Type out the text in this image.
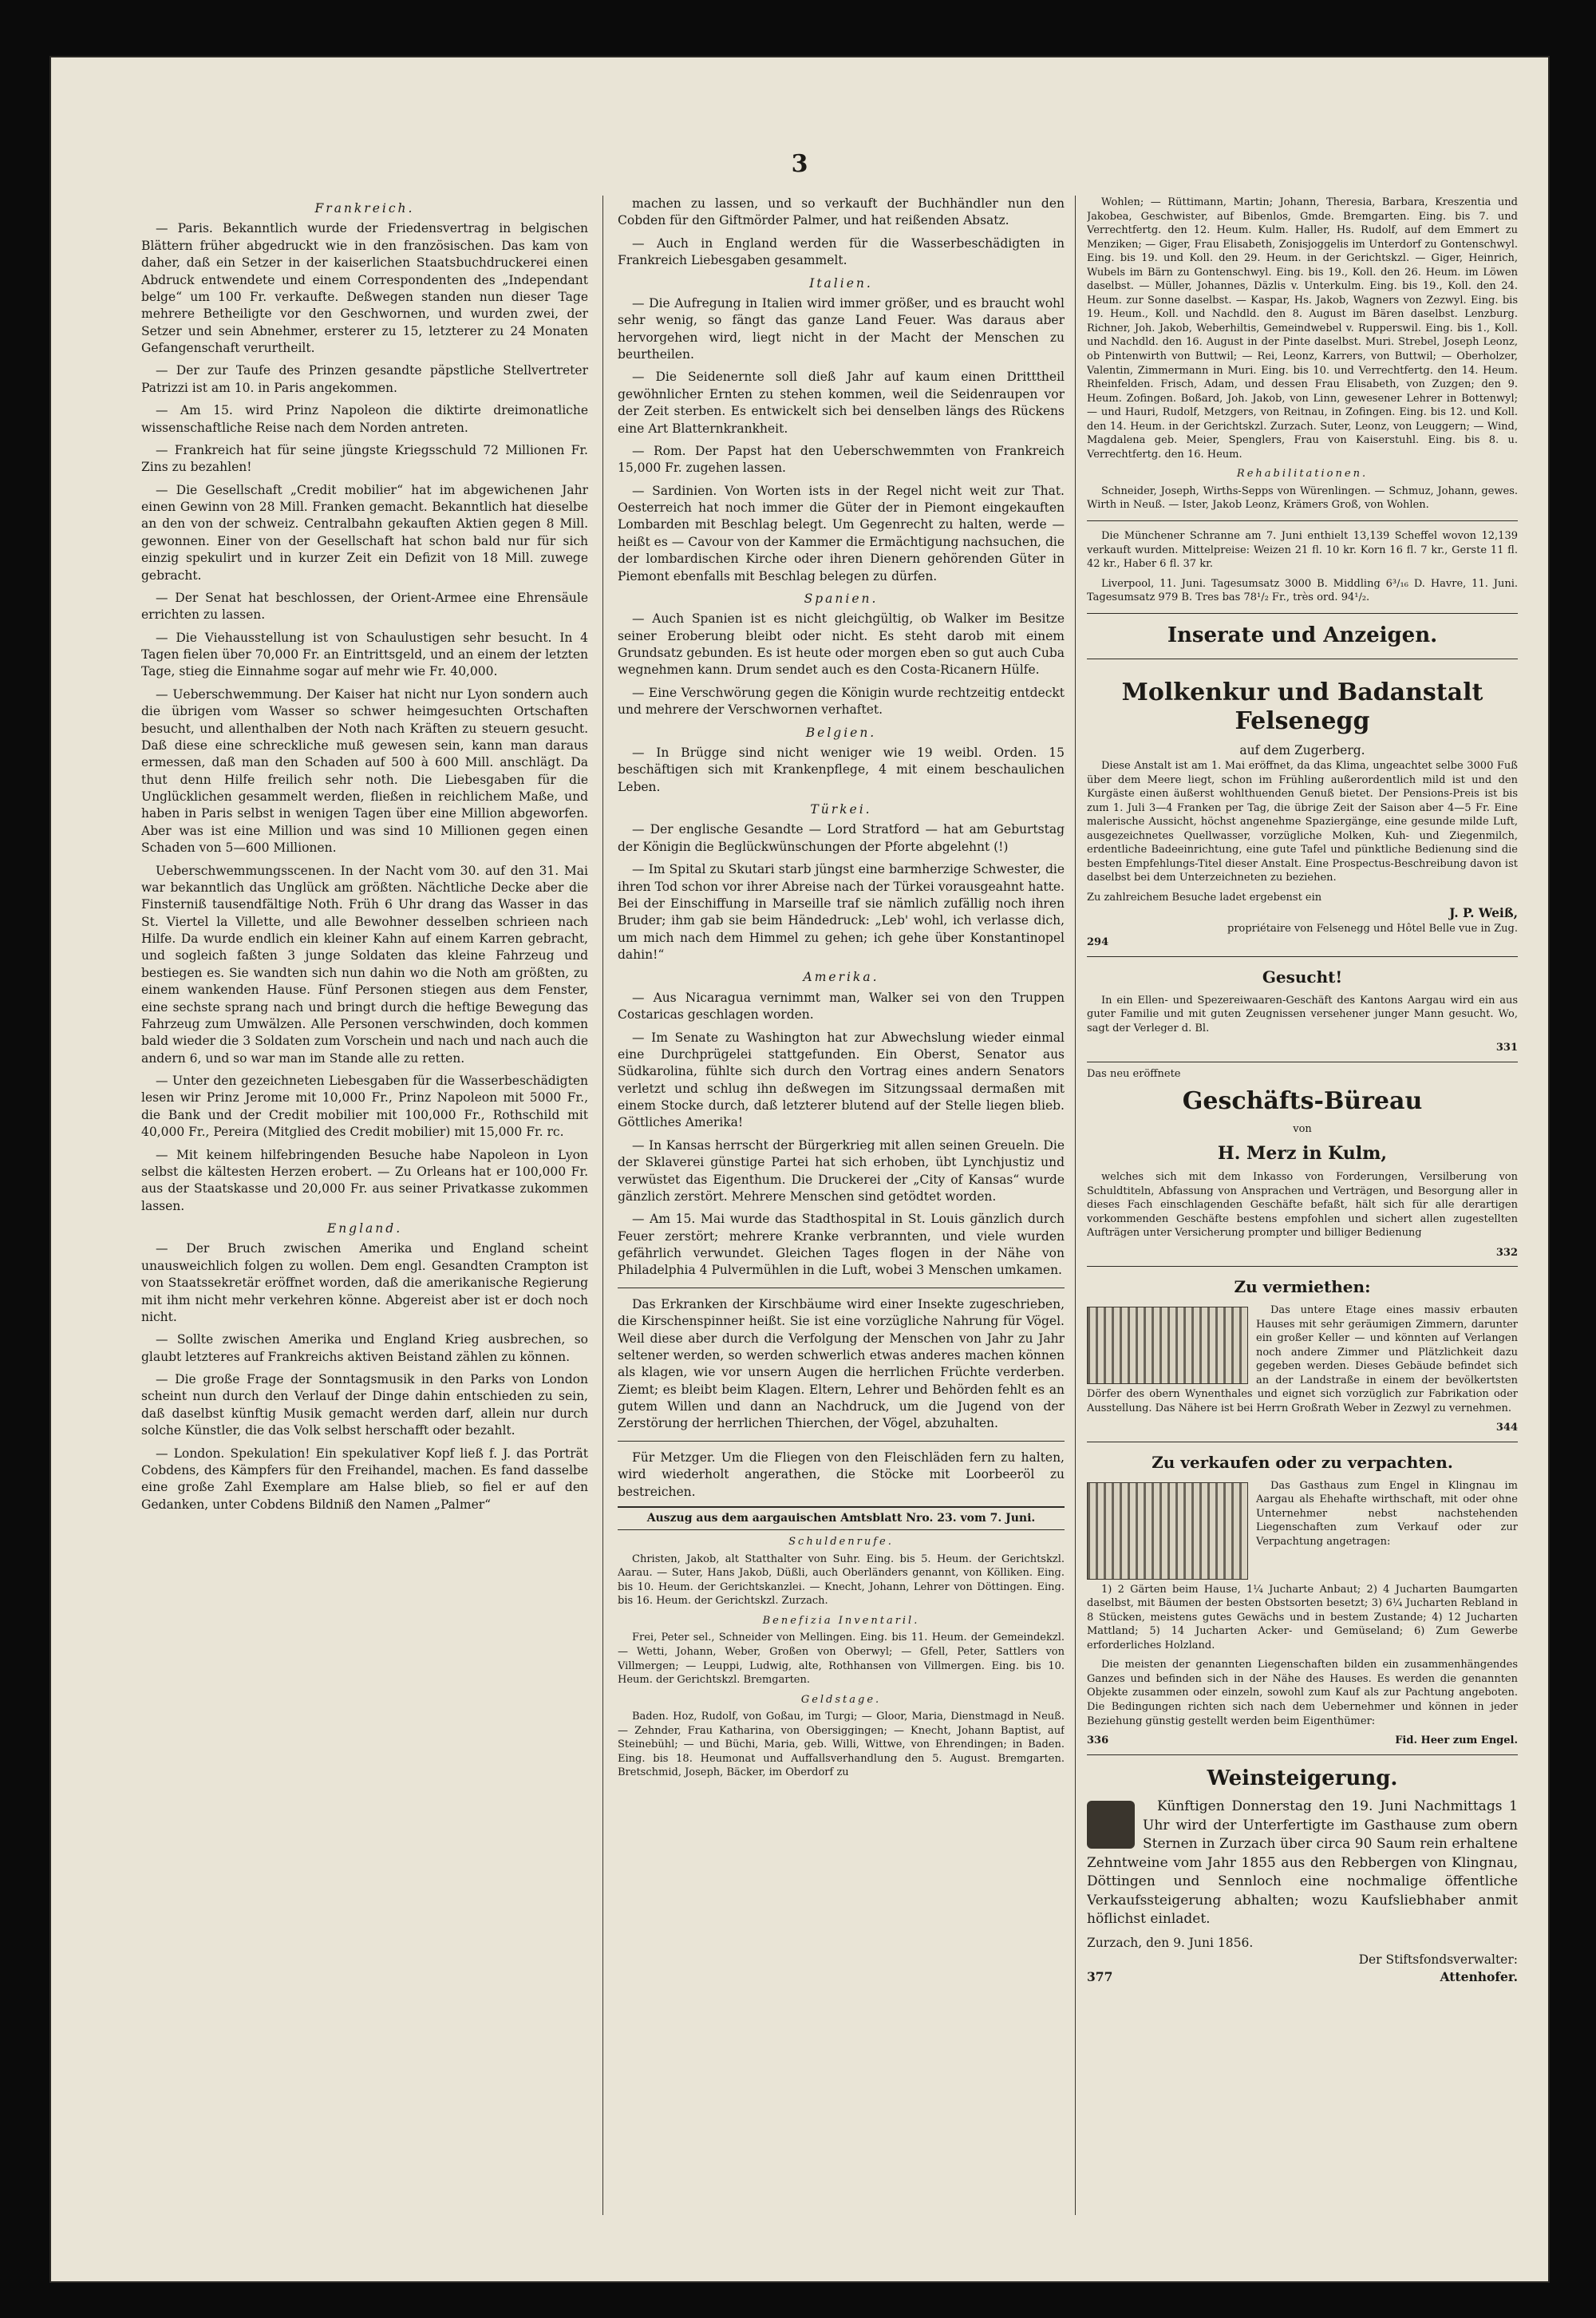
3
Frankreich.

— Paris. Bekanntlich wurde der Friedensvertrag in belgischen Blättern früher abgedruckt wie in den französischen. Das kam von daher, daß ein Setzer in der kaiserlichen Staatsbuchdruckerei einen Abdruck entwendete und einem Correspondenten des „Independant belge“ um 100 Fr. verkaufte. Deßwegen standen nun dieser Tage mehrere Betheiligte vor den Geschwornen, und wurden zwei, der Setzer und sein Abnehmer, ersterer zu 15, letzterer zu 24 Monaten Gefangenschaft verurtheilt.

— Der zur Taufe des Prinzen gesandte päpstliche Stellvertreter Patrizzi ist am 10. in Paris angekommen.

— Am 15. wird Prinz Napoleon die diktirte dreimonatliche wissenschaftliche Reise nach dem Norden antreten.

— Frankreich hat für seine jüngste Kriegsschuld 72 Millionen Fr. Zins zu bezahlen!

— Die Gesellschaft „Credit mobilier“ hat im abgewichenen Jahr einen Gewinn von 28 Mill. Franken gemacht. Bekanntlich hat dieselbe an den von der schweiz. Centralbahn gekauften Aktien gegen 8 Mill. gewonnen. Einer von der Gesellschaft hat schon bald nur für sich einzig spekulirt und in kurzer Zeit ein Defizit von 18 Mill. zuwege gebracht.

— Der Senat hat beschlossen, der Orient-Armee eine Ehrensäule errichten zu lassen.

— Die Viehausstellung ist von Schaulustigen sehr besucht. In 4 Tagen fielen über 70,000 Fr. an Eintrittsgeld, und an einem der letzten Tage, stieg die Einnahme sogar auf mehr wie Fr. 40,000.

— Ueberschwemmung. Der Kaiser hat nicht nur Lyon sondern auch die übrigen vom Wasser so schwer heimgesuchten Ortschaften besucht, und allenthalben der Noth nach Kräften zu steuern gesucht. Daß diese eine schreckliche muß gewesen sein, kann man daraus ermessen, daß man den Schaden auf 500 à 600 Mill. anschlägt. Da thut denn Hilfe freilich sehr noth. Die Liebesgaben für die Unglücklichen gesammelt werden, fließen in reichlichem Maße, und haben in Paris selbst in wenigen Tagen über eine Million abgeworfen. Aber was ist eine Million und was sind 10 Millionen gegen einen Schaden von 5—600 Millionen.

Ueberschwemmungsscenen. In der Nacht vom 30. auf den 31. Mai war bekanntlich das Unglück am größten. Nächtliche Decke aber die Finsterniß tausendfältige Noth. Früh 6 Uhr drang das Wasser in das St. Viertel la Villette, und alle Bewohner desselben schrieen nach Hilfe. Da wurde endlich ein kleiner Kahn auf einem Karren gebracht, und sogleich faßten 3 junge Soldaten das kleine Fahrzeug und bestiegen es. Sie wandten sich nun dahin wo die Noth am größten, zu einem wankenden Hause. Fünf Personen stiegen aus dem Fenster, eine sechste sprang nach und bringt durch die heftige Bewegung das Fahrzeug zum Umwälzen. Alle Personen verschwinden, doch kommen bald wieder die 3 Soldaten zum Vorschein und nach und nach auch die andern 6, und so war man im Stande alle zu retten.

— Unter den gezeichneten Liebesgaben für die Wasserbeschädigten lesen wir Prinz Jerome mit 10,000 Fr., Prinz Napoleon mit 5000 Fr., die Bank und der Credit mobilier mit 100,000 Fr., Rothschild mit 40,000 Fr., Pereira (Mitglied des Credit mobilier) mit 15,000 Fr. rc.

— Mit keinem hilfebringenden Besuche habe Napoleon in Lyon selbst die kältesten Herzen erobert. — Zu Orleans hat er 100,000 Fr. aus der Staatskasse und 20,000 Fr. aus seiner Privatkasse zukommen lassen.

England.

— Der Bruch zwischen Amerika und England scheint unausweichlich folgen zu wollen. Dem engl. Gesandten Crampton ist von Staatssekretär eröffnet worden, daß die amerikanische Regierung mit ihm nicht mehr verkehren könne. Abgereist aber ist er doch noch nicht.

— Sollte zwischen Amerika und England Krieg ausbrechen, so glaubt letzteres auf Frankreichs aktiven Beistand zählen zu können.

— Die große Frage der Sonntagsmusik in den Parks von London scheint nun durch den Verlauf der Dinge dahin entschieden zu sein, daß daselbst künftig Musik gemacht werden darf, allein nur durch solche Künstler, die das Volk selbst herschafft oder bezahlt.

— London. Spekulation! Ein spekulativer Kopf ließ f. J. das Porträt Cobdens, des Kämpfers für den Freihandel, machen. Es fand dasselbe eine große Zahl Exemplare am Halse blieb, so fiel er auf den Gedanken, unter Cobdens Bildniß den Namen „Palmer“

machen zu lassen, und so verkauft der Buchhändler nun den Cobden für den Giftmörder Palmer, und hat reißenden Absatz.

— Auch in England werden für die Wasserbeschädigten in Frankreich Liebesgaben gesammelt.

Italien.

— Die Aufregung in Italien wird immer größer, und es braucht wohl sehr wenig, so fängt das ganze Land Feuer. Was daraus aber hervorgehen wird, liegt nicht in der Macht der Menschen zu beurtheilen.

— Die Seidenernte soll dieß Jahr auf kaum einen Dritttheil gewöhnlicher Ernten zu stehen kommen, weil die Seidenraupen vor der Zeit sterben. Es entwickelt sich bei denselben längs des Rückens eine Art Blatternkrankheit.

— Rom. Der Papst hat den Ueberschwemmten von Frankreich 15,000 Fr. zugehen lassen.

— Sardinien. Von Worten ists in der Regel nicht weit zur That. Oesterreich hat noch immer die Güter der in Piemont eingekauften Lombarden mit Beschlag belegt. Um Gegenrecht zu halten, werde — heißt es — Cavour von der Kammer die Ermächtigung nachsuchen, die der lombardischen Kirche oder ihren Dienern gehörenden Güter in Piemont ebenfalls mit Beschlag belegen zu dürfen.

Spanien.

— Auch Spanien ist es nicht gleichgültig, ob Walker im Besitze seiner Eroberung bleibt oder nicht. Es steht darob mit einem Grundsatz gebunden. Es ist heute oder morgen eben so gut auch Cuba wegnehmen kann. Drum sendet auch es den Costa-Ricanern Hülfe.

— Eine Verschwörung gegen die Königin wurde rechtzeitig entdeckt und mehrere der Verschwornen verhaftet.

Belgien.

— In Brügge sind nicht weniger wie 19 weibl. Orden. 15 beschäftigen sich mit Krankenpflege, 4 mit einem beschaulichen Leben.

Türkei.

— Der englische Gesandte — Lord Stratford — hat am Geburtstag der Königin die Beglückwünschungen der Pforte abgelehnt (!)

— Im Spital zu Skutari starb jüngst eine barmherzige Schwester, die ihren Tod schon vor ihrer Abreise nach der Türkei vorausgeahnt hatte. Bei der Einschiffung in Marseille traf sie nämlich zufällig noch ihren Bruder; ihm gab sie beim Händedruck: „Leb' wohl, ich verlasse dich, um mich nach dem Himmel zu gehen; ich gehe über Konstantinopel dahin!“

Amerika.

— Aus Nicaragua vernimmt man, Walker sei von den Truppen Costaricas geschlagen worden.

— Im Senate zu Washington hat zur Abwechslung wieder einmal eine Durchprügelei stattgefunden. Ein Oberst, Senator aus Südkarolina, fühlte sich durch den Vortrag eines andern Senators verletzt und schlug ihn deßwegen im Sitzungssaal dermaßen mit einem Stocke durch, daß letzterer blutend auf der Stelle liegen blieb. Göttliches Amerika!

— In Kansas herrscht der Bürgerkrieg mit allen seinen Greueln. Die der Sklaverei günstige Partei hat sich erhoben, übt Lynchjustiz und verwüstet das Eigenthum. Die Druckerei der „City of Kansas“ wurde gänzlich zerstört. Mehrere Menschen sind getödtet worden.

— Am 15. Mai wurde das Stadthospital in St. Louis gänzlich durch Feuer zerstört; mehrere Kranke verbrannten, und viele wurden gefährlich verwundet. Gleichen Tages flogen in der Nähe von Philadelphia 4 Pulvermühlen in die Luft, wobei 3 Menschen umkamen.

Das Erkranken der Kirschbäume wird einer Insekte zugeschrieben, die Kirschenspinner heißt. Sie ist eine vorzügliche Nahrung für Vögel. Weil diese aber durch die Verfolgung der Menschen von Jahr zu Jahr seltener werden, so werden schwerlich etwas anderes machen können als klagen, wie vor unsern Augen die herrlichen Früchte verderben. Ziemt; es bleibt beim Klagen. Eltern, Lehrer und Behörden fehlt es an gutem Willen und dann an Nachdruck, um die Jugend von der Zerstörung der herrlichen Thierchen, der Vögel, abzuhalten.

Für Metzger. Um die Fliegen von den Fleischläden fern zu halten, wird wiederholt angerathen, die Stöcke mit Loorbeeröl zu bestreichen.

Auszug aus dem aargauischen Amtsblatt Nro. 23. vom 7. Juni.
Schuldenrufe.

Christen, Jakob, alt Statthalter von Suhr. Eing. bis 5. Heum. der Gerichtskzl. Aarau. — Suter, Hans Jakob, Düßli, auch Oberländers genannt, von Kölliken. Eing. bis 10. Heum. der Gerichtskanzlei. — Knecht, Johann, Lehrer von Döttingen. Eing. bis 16. Heum. der Gerichtskzl. Zurzach.

Benefizia Inventaril.

Frei, Peter sel., Schneider von Mellingen. Eing. bis 11. Heum. der Gemeindekzl. — Wetti, Johann, Weber, Großen von Oberwyl; — Gfell, Peter, Sattlers von Villmergen; — Leuppi, Ludwig, alte, Rothhansen von Villmergen. Eing. bis 10. Heum. der Gerichtskzl. Bremgarten.

Geldstage.

Baden. Hoz, Rudolf, von Goßau, im Turgi; — Gloor, Maria, Dienstmagd in Neuß. — Zehnder, Frau Katharina, von Obersiggingen; — Knecht, Johann Baptist, auf Steinebühl; — und Büchi, Maria, geb. Willi, Wittwe, von Ehrendingen; in Baden. Eing. bis 18. Heumonat und Auffallsverhandlung den 5. August. Bremgarten. Bretschmid, Joseph, Bäcker, im Oberdorf zu

Wohlen; — Rüttimann, Martin; Johann, Theresia, Barbara, Kreszentia und Jakobea, Geschwister, auf Bibenlos, Gmde. Bremgarten. Eing. bis 7. und Verrechtfertg. den 12. Heum. Kulm. Haller, Hs. Rudolf, auf dem Emmert zu Menziken; — Giger, Frau Elisabeth, Zonisjoggelis im Unterdorf zu Gontenschwyl. Eing. bis 19. und Koll. den 29. Heum. in der Gerichtskzl. — Giger, Heinrich, Wubels im Bärn zu Gontenschwyl. Eing. bis 19., Koll. den 26. Heum. im Löwen daselbst. — Müller, Johannes, Däzlis v. Unterkulm. Eing. bis 19., Koll. den 24. Heum. zur Sonne daselbst. — Kaspar, Hs. Jakob, Wagners von Zezwyl. Eing. bis 19. Heum., Koll. und Nachdld. den 8. August im Bären daselbst. Lenzburg. Richner, Joh. Jakob, Weberhiltis, Gemeindwebel v. Rupperswil. Eing. bis 1., Koll. und Nachdld. den 16. August in der Pinte daselbst. Muri. Strebel, Joseph Leonz, ob Pintenwirth von Buttwil; — Rei, Leonz, Karrers, von Buttwil; — Oberholzer, Valentin, Zimmermann in Muri. Eing. bis 10. und Verrechtfertg. den 14. Heum. Rheinfelden. Frisch, Adam, und dessen Frau Elisabeth, von Zuzgen; den 9. Heum. Zofingen. Boßard, Joh. Jakob, von Linn, gewesener Lehrer in Bottenwyl; — und Hauri, Rudolf, Metzgers, von Reitnau, in Zofingen. Eing. bis 12. und Koll. den 14. Heum. in der Gerichtskzl. Zurzach. Suter, Leonz, von Leuggern; — Wind, Magdalena geb. Meier, Spenglers, Frau von Kaiserstuhl. Eing. bis 8. u. Verrechtfertg. den 16. Heum.

Rehabilitationen.

Schneider, Joseph, Wirths-Sepps von Würenlingen. — Schmuz, Johann, gewes. Wirth in Neuß. — Ister, Jakob Leonz, Krämers Groß, von Wohlen.

Die Münchener Schranne am 7. Juni enthielt 13,139 Scheffel wovon 12,139 verkauft wurden. Mittelpreise: Weizen 21 fl. 10 kr. Korn 16 fl. 7 kr., Gerste 11 fl. 42 kr., Haber 6 fl. 37 kr.

Liverpool, 11. Juni. Tagesumsatz 3000 B. Middling 6³/₁₆ D. Havre, 11. Juni. Tagesumsatz 979 B. Tres bas 78¹/₂ Fr., très ord. 94¹/₂.

Inserate und Anzeigen.
Molkenkur und Badanstalt Felsenegg
auf dem Zugerberg.

Diese Anstalt ist am 1. Mai eröffnet, da das Klima, ungeachtet selbe 3000 Fuß über dem Meere liegt, schon im Frühling außerordentlich mild ist und den Kurgäste einen äußerst wohlthuenden Genuß bietet. Der Pensions-Preis ist bis zum 1. Juli 3—4 Franken per Tag, die übrige Zeit der Saison aber 4—5 Fr. Eine malerische Aussicht, höchst angenehme Spaziergänge, eine gesunde milde Luft, ausgezeichnetes Quellwasser, vorzügliche Molken, Kuh- und Ziegenmilch, erdentliche Badeeinrichtung, eine gute Tafel und pünktliche Bedienung sind die besten Empfehlungs-Titel dieser Anstalt. Eine Prospectus-Beschreibung davon ist daselbst bei dem Unterzeichneten zu beziehen.

Zu zahlreichem Besuche ladet ergebenst ein
J. P. Weiß,
propriétaire von Felsenegg und Hôtel Belle vue in Zug.
294
Gesucht!

In ein Ellen- und Spezereiwaaren-Geschäft des Kantons Aargau wird ein aus guter Familie und mit guten Zeugnissen versehener junger Mann gesucht. Wo, sagt der Verleger d. Bl.

331
Das neu eröffnete
Geschäfts-Büreau
von
H. Merz in Kulm,

welches sich mit dem Inkasso von Forderungen, Versilberung von Schuldtiteln, Abfassung von Ansprachen und Verträgen, und Besorgung aller in dieses Fach einschlagenden Geschäfte befaßt, hält sich für alle derartigen vorkommenden Geschäfte bestens empfohlen und sichert allen zugestellten Aufträgen unter Versicherung prompter und billiger Bedienung

332
Zu vermiethen:

Das untere Etage eines massiv erbauten Hauses mit sehr geräumigen Zimmern, darunter ein großer Keller — und könnten auf Verlangen noch andere Zimmer und Plätzlichkeit dazu gegeben werden. Dieses Gebäude befindet sich an der Landstraße in einem der bevölkertsten Dörfer des obern Wynenthales und eignet sich vorzüglich zur Fabrikation oder Ausstellung. Das Nähere ist bei Herrn Großrath Weber in Zezwyl zu vernehmen.

344
Zu verkaufen oder zu verpachten.

Das Gasthaus zum Engel in Klingnau im Aargau als Ehehafte wirthschaft, mit oder ohne Unternehmer nebst nachstehenden Liegenschaften zum Verkauf oder zur Verpachtung angetragen:

1) 2 Gärten beim Hause, 1¼ Jucharte Anbaut; 2) 4 Jucharten Baumgarten daselbst, mit Bäumen der besten Obstsorten besetzt; 3) 6¼ Jucharten Rebland in 8 Stücken, meistens gutes Gewächs und in bestem Zustande; 4) 12 Jucharten Mattland; 5) 14 Jucharten Acker- und Gemüseland; 6) Zum Gewerbe erforderliches Holzland.

Die meisten der genannten Liegenschaften bilden ein zusammenhängendes Ganzes und befinden sich in der Nähe des Hauses. Es werden die genannten Objekte zusammen oder einzeln, sowohl zum Kauf als zur Pachtung angeboten. Die Bedingungen richten sich nach dem Uebernehmer und können in jeder Beziehung günstig gestellt werden beim Eigenthümer:

336	Fid. Heer zum Engel.
Weinsteigerung.

Künftigen Donnerstag den 19. Juni Nachmittags 1 Uhr wird der Unterfertigte im Gasthause zum obern Sternen in Zurzach über circa 90 Saum rein erhaltene Zehntweine vom Jahr 1855 aus den Rebbergen von Klingnau, Döttingen und Sennloch eine nochmalige öffentliche Verkaufssteigerung abhalten; wozu Kaufsliebhaber anmit höflichst einladet.

Zurzach, den 9. Juni 1856.
Der Stiftsfondsverwalter:
377	Attenhofer.
